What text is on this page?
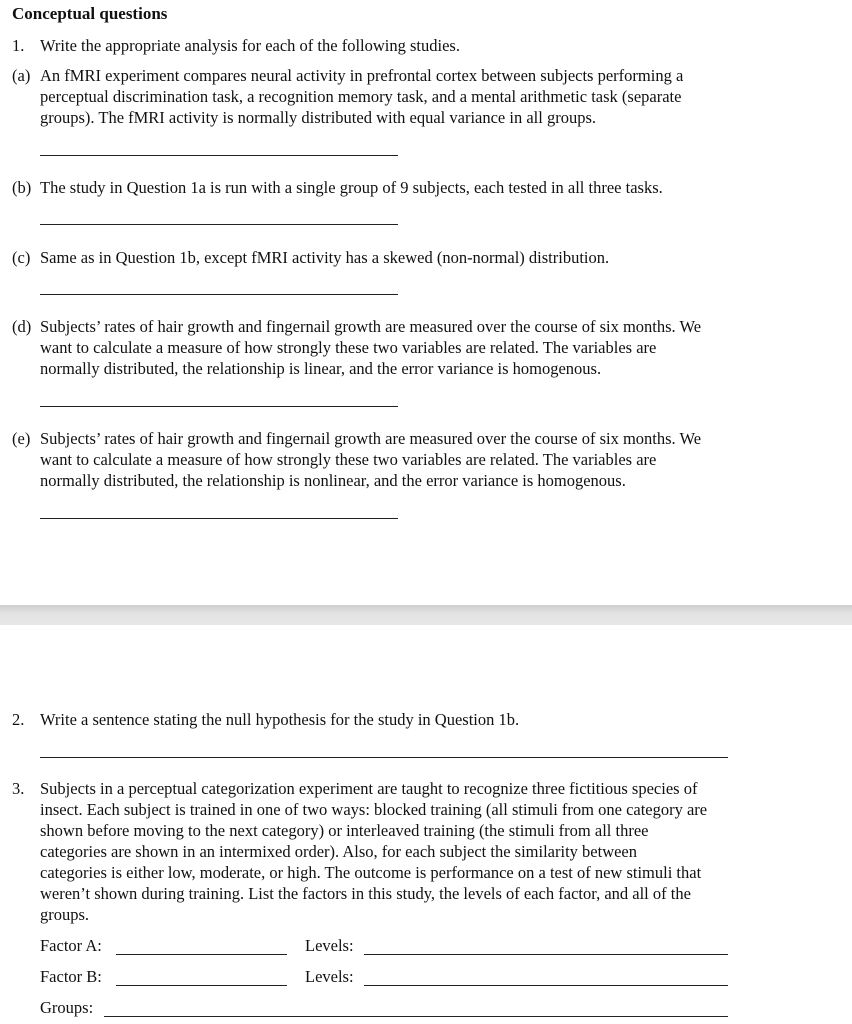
Conceptual questions
1. Write the appropriate analysis for each of the following studies.
(a) An fMRI experiment compares neural activity in prefrontal cortex between subjects performing a
perceptual discrimination task, a recognition memory task, and a mental arithmetic task (separate
groups). The fMRI activity is normally distributed with equal variance in all groups.
(b) The study in Question 1a is run with a single group of 9 subjects, each tested in all three tasks.
(c) Same as in Question 1b, except fMRI activity has a skewed (non-normal) distribution.
(d) Subjects’ rates of hair growth and fingernail growth are measured over the course of six months. We
want to calculate a measure of how strongly these two variables are related. The variables are
normally distributed, the relationship is linear, and the error variance is homogenous.
(e) Subjects’ rates of hair growth and fingernail growth are measured over the course of six months. We
want to calculate a measure of how strongly these two variables are related. The variables are
normally distributed, the relationship is nonlinear, and the error variance is homogenous.
2. Write a sentence stating the null hypothesis for the study in Question 1b.
3. Subjects in a perceptual categorization experiment are taught to recognize three fictitious species of
insect. Each subject is trained in one of two ways: blocked training (all stimuli from one category are
shown before moving to the next category) or interleaved training (the stimuli from all three
categories are shown in an intermixed order). Also, for each subject the similarity between
categories is either low, moderate, or high. The outcome is performance on a test of new stimuli that
weren’t shown during training. List the factors in this study, the levels of each factor, and all of the
groups.
Factor A:	Levels:
Factor B:	Levels:
Groups:
